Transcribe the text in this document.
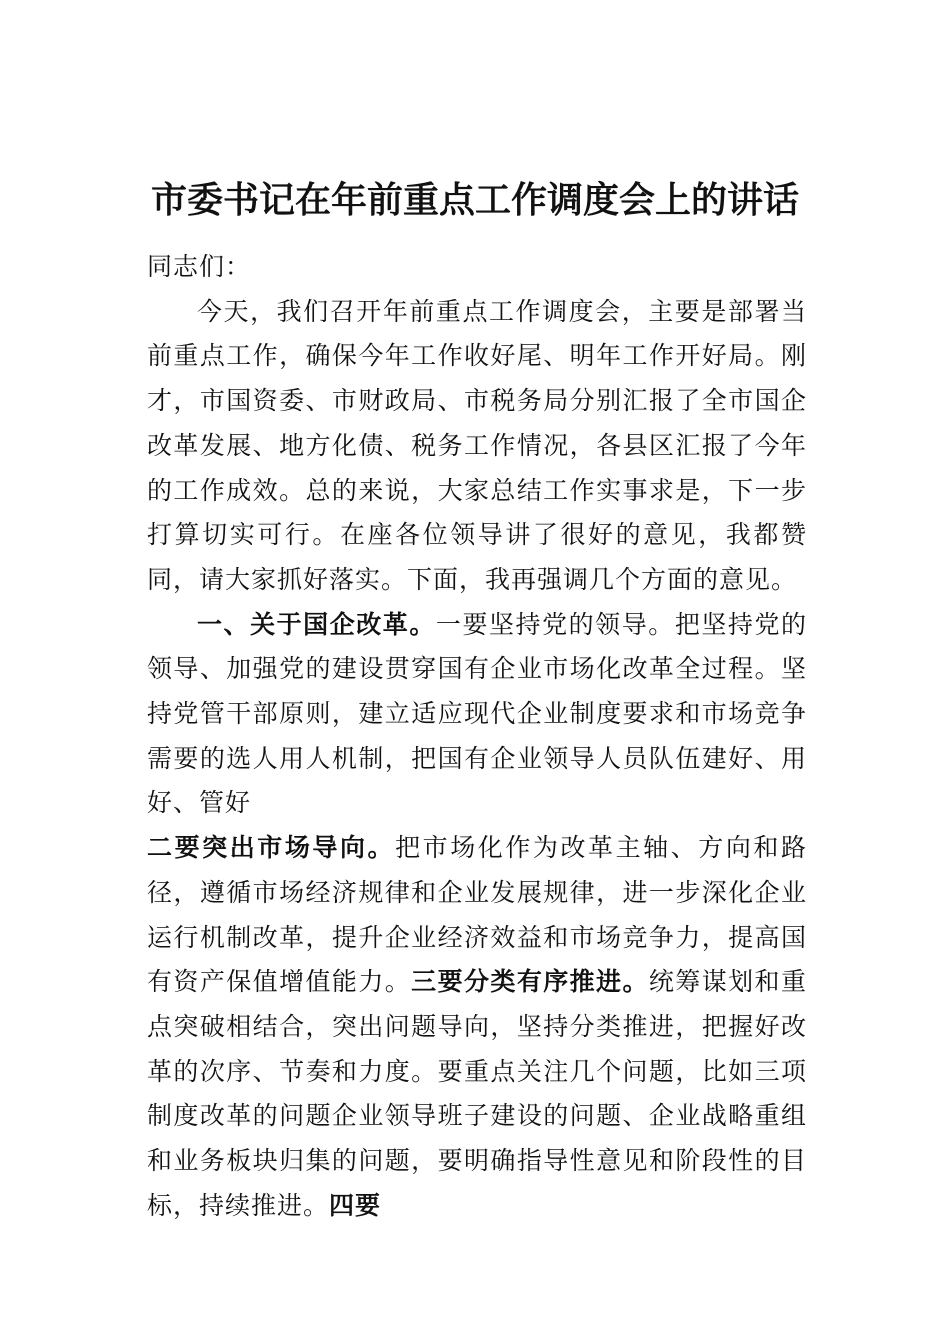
市委书记在年前重点工作调度会上的讲话

同志们：

今天，我们召开年前重点工作调度会，主要是部署当前重点工作，确保今年工作收好尾、明年工作开好局。刚才，市国资委、市财政局、市税务局分别汇报了全市国企改革发展、地方化债、税务工作情况，各县区汇报了今年的工作成效。总的来说，大家总结工作实事求是，下一步打算切实可行。在座各位领导讲了很好的意见，我都赞同，请大家抓好落实。下面，我再强调几个方面的意见。

一、关于国企改革。一要坚持党的领导。把坚持党的领导、加强党的建设贯穿国有企业市场化改革全过程。坚持党管干部原则，建立适应现代企业制度要求和市场竞争需要的选人用人机制，把国有企业领导人员队伍建好、用好、管好
二要突出市场导向。把市场化作为改革主轴、方向和路径，遵循市场经济规律和企业发展规律，进一步深化企业运行机制改革，提升企业经济效益和市场竞争力，提高国有资产保值增值能力。三要分类有序推进。统筹谋划和重点突破相结合，突出问题导向，坚持分类推进，把握好改革的次序、节奏和力度。要重点关注几个问题，比如三项制度改革的问题企业领导班子建设的问题、企业战略重组和业务板块归集的问题，要明确指导性意见和阶段性的目标，持续推进。四要
